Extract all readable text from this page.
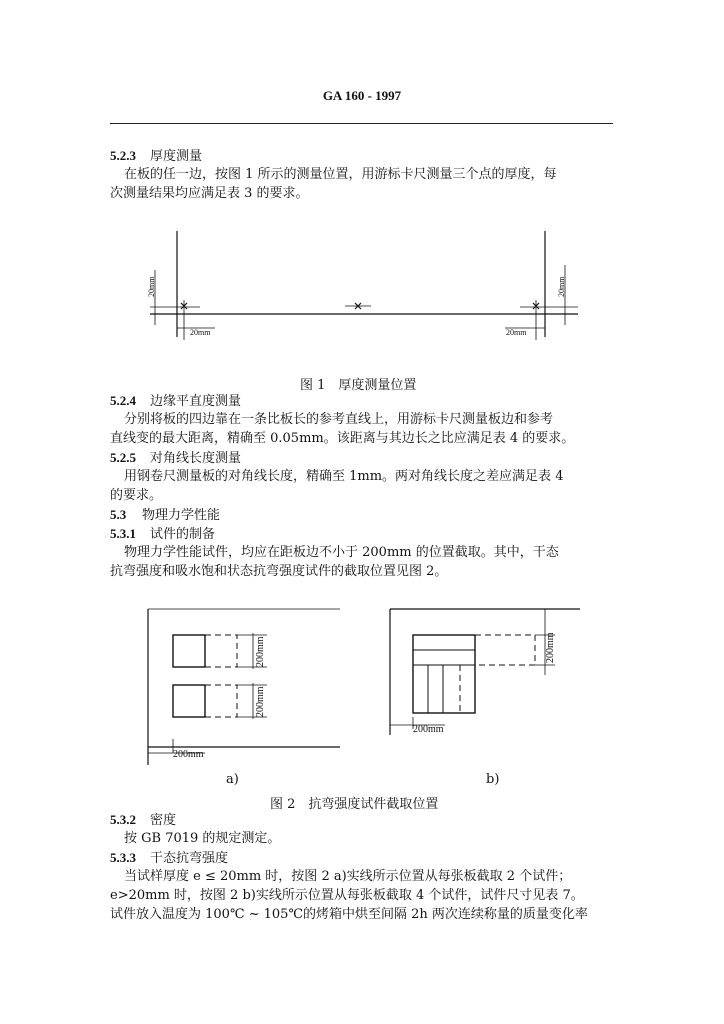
GA 160 - 1997
5.2.3 厚度测量
在板的任一边，按图 1 所示的测量位置，用游标卡尺测量三个点的厚度，每
次测量结果均应满足表 3 的要求。
20mm	20mm
20mm	20mm
图 1　厚度测量位置
5.2.4 边缘平直度测量
分别将板的四边靠在一条比板长的参考直线上，用游标卡尺测量板边和参考
直线变的最大距离，精确至 0.05mm。该距离与其边长之比应满足表 4 的要求。
5.2.5 对角线长度测量
用钢卷尺测量板的对角线长度，精确至 1mm。两对角线长度之差应满足表 4
的要求。
5.3 物理力学性能
5.3.1 试件的制备
物理力学性能试件，均应在距板边不小于 200mm 的位置截取。其中，干态
抗弯强度和吸水饱和状态抗弯强度试件的截取位置见图 2。
200mm
200mm
200mm
200mm
200mm
a)	b)
图 2　抗弯强度试件截取位置
5.3.2 密度
按 GB 7019 的规定测定。
5.3.3 干态抗弯强度
当试样厚度 e ≤ 20mm 时，按图 2 a)实线所示位置从每张板截取 2 个试件；
e>20mm 时，按图 2 b)实线所示位置从每张板截取 4 个试件，试件尺寸见表 7。
试件放入温度为 100℃ ~ 105℃的烤箱中烘至间隔 2h 两次连续称量的质量变化率
